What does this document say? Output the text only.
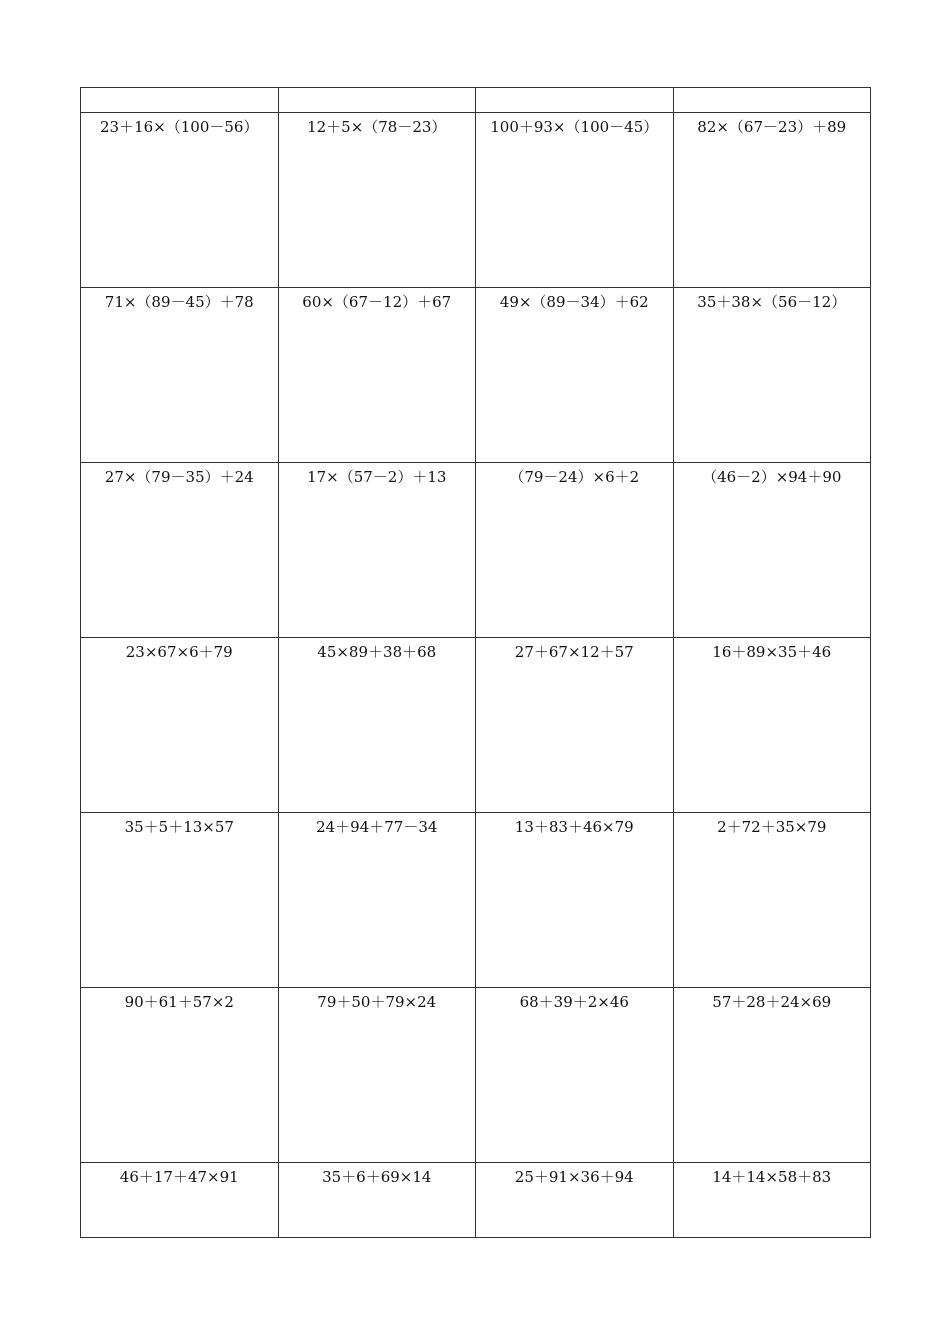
23＋16×（100－56）	12＋5×（78－23）	100＋93×（100－45）	82×（67－23）＋89

71×（89－45）＋78	60×（67－12）＋67	49×（89－34）＋62	35＋38×（56－12）

27×（79－35）＋24	17×（57－2）＋13	（79－24）×6＋2	（46－2）×94＋90

23×67×6＋79	45×89＋38＋68	27＋67×12＋57	16＋89×35＋46

35＋5＋13×57	24＋94＋77－34	13＋83＋46×79	2＋72＋35×79

90＋61＋57×2	79＋50＋79×24	68＋39＋2×46	57＋28＋24×69

46＋17＋47×91	35＋6＋69×14	25＋91×36＋94	14＋14×58＋83
